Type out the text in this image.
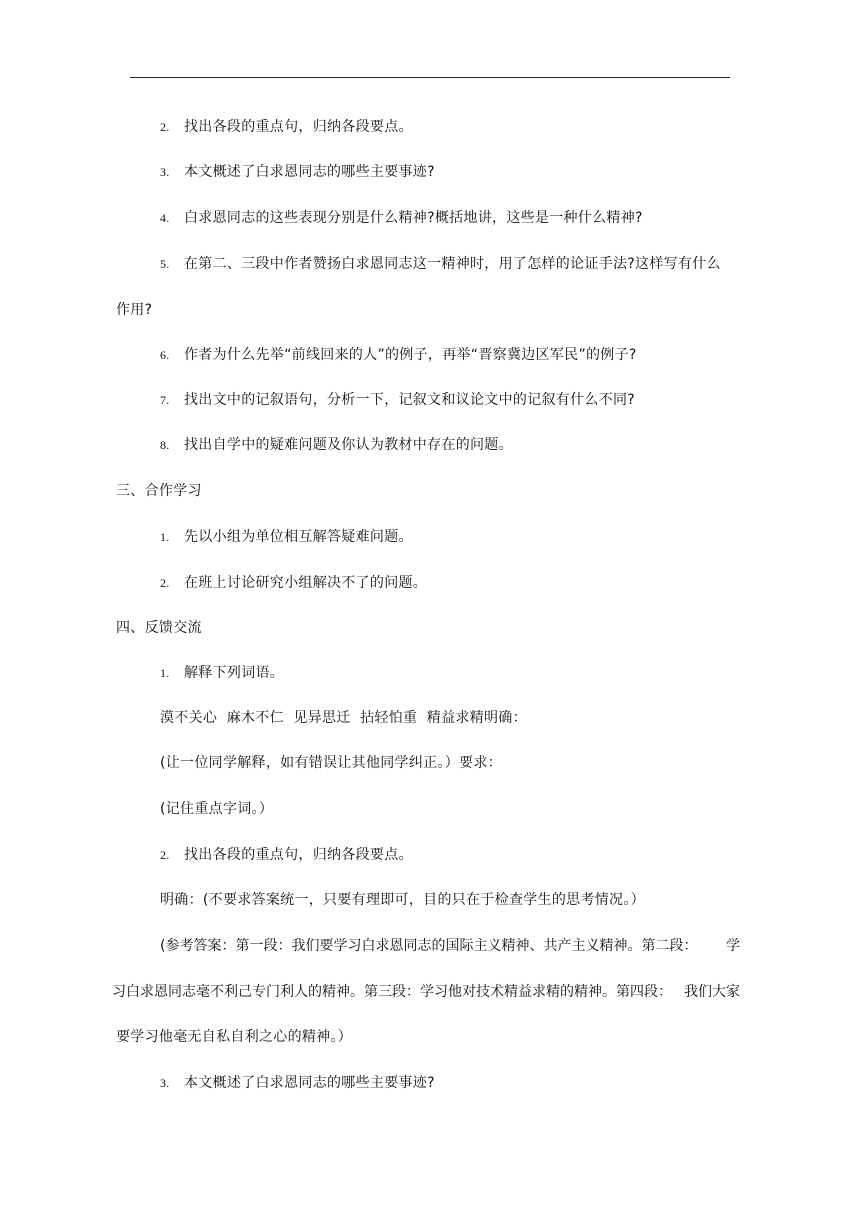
2. 找出各段的重点句，归纳各段要点。
3. 本文概述了白求恩同志的哪些主要事迹?
4. 白求恩同志的这些表现分别是什么精神?概括地讲，这些是一种什么精神?
5. 在第二、三段中作者赞扬白求恩同志这一精神时，用了怎样的论证手法?这样写有什么
作用?
6. 作者为什么先举“前线回来的人”的例子，再举“晋察冀边区军民”的例子?
7. 找出文中的记叙语句，分析一下，记叙文和议论文中的记叙有什么不同?
8. 找出自学中的疑难问题及你认为教材中存在的问题。
三、合作学习
1. 先以小组为单位相互解答疑难问题。
2. 在班上讨论研究小组解决不了的问题。
四、反馈交流
1. 解释下列词语。
漠不关心  麻木不仁  见异思迁  拈轻怕重  精益求精明确：
(让一位同学解释，如有错误让其他同学纠正。）要求：
(记住重点字词。）
2. 找出各段的重点句，归纳各段要点。
明确：(不要求答案统一，只要有理即可，目的只在于检查学生的思考情况。）
(参考答案：第一段：我们要学习白求恩同志的国际主义精神、共产主义精神。第二段： 学
习白求恩同志毫不利己专门利人的精神。第三段：学习他对技术精益求精的精神。第四段： 我们大家
要学习他毫无自私自利之心的精神。）
3. 本文概述了白求恩同志的哪些主要事迹?
